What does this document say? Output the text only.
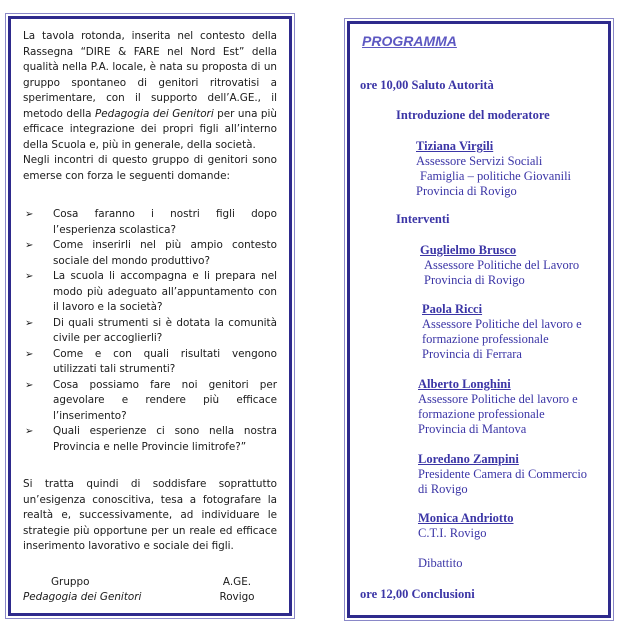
La tavola rotonda, inserita nel contesto della Rassegna “DIRE & FARE nel Nord Est” della qualità nella P.A. locale, è nata su proposta di un gruppo spontaneo di genitori ritrovatisi a sperimentare, con il supporto dell’A.GE., il metodo della Pedagogia dei Genitori per una più efficace integrazione dei propri figli all’interno della Scuola e, più in generale, della società.
Negli incontri di questo gruppo di genitori sono emerse con forza le seguenti domande:
➢ Cosa faranno i nostri figli dopo l’esperienza scolastica?
➢ Come inserirli nel più ampio contesto sociale del mondo produttivo?
➢ La scuola li accompagna e li prepara nel modo più adeguato all’appuntamento con il lavoro e la società?
➢ Di quali strumenti si è dotata la comunità civile per accoglierli?
➢ Come e con quali risultati vengono utilizzati tali strumenti?
➢ Cosa possiamo fare noi genitori per agevolare e rendere più efficace l’inserimento?
➢ Quali esperienze ci sono nella nostra Provincia e nelle Provincie limitrofe?”
Si tratta quindi di soddisfare soprattutto un’esigenza conoscitiva, tesa a fotografare la realtà e, successivamente, ad individuare le strategie più opportune per un reale ed efficace inserimento lavorativo e sociale dei figli.
Gruppo
Pedagogia dei Genitori
A.GE.
Rovigo
PROGRAMMA
ore 10,00 Saluto Autorità
Introduzione del moderatore
Tiziana Virgili
Assessore Servizi Sociali
Famiglia – politiche Giovanili
Provincia di Rovigo
Interventi
Guglielmo Brusco
Assessore Politiche del Lavoro
Provincia di Rovigo
Paola Ricci
Assessore Politiche del lavoro e
formazione professionale
Provincia di Ferrara
Alberto Longhini
Assessore Politiche del lavoro e
formazione professionale
Provincia di Mantova
Loredano Zampini
Presidente Camera di Commercio
di Rovigo
Monica Andriotto
C.T.I. Rovigo
Dibattito
ore 12,00 Conclusioni
